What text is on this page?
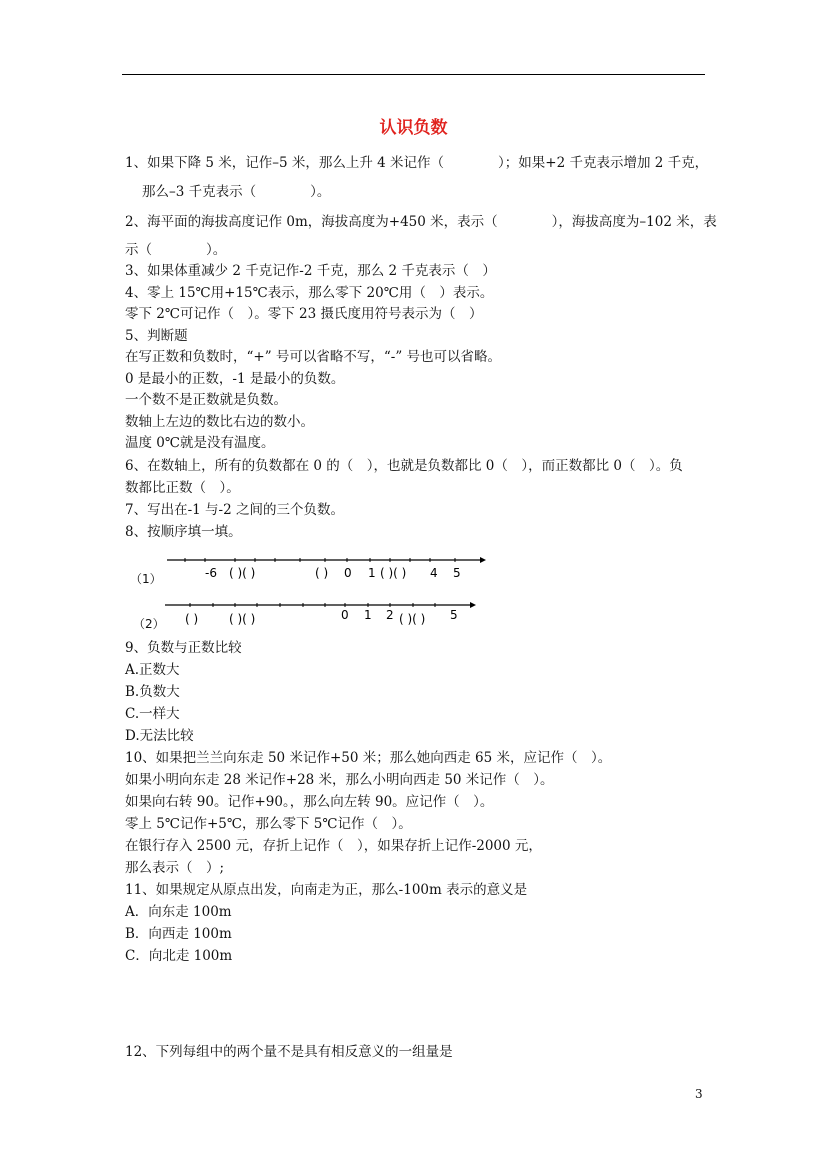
认识负数
1、如果下降 5 米，记作–5 米，那么上升 4 米记作（　　　　）；如果+2 千克表示增加 2 千克，
那么–3 千克表示（　　　　）。
2、海平面的海拔高度记作 0m，海拔高度为+450 米，表示（　　　　），海拔高度为–102 米，表
示（　　　　）。
3、如果体重减少 2 千克记作-2 千克，那么 2 千克表示（　）
4、零上 15℃用+15℃表示，那么零下 20℃用（　）表示。
零下 2℃可记作（　）。零下 23 摄氏度用符号表示为（　）
5、判断题
在写正数和负数时，“+” 号可以省略不写，“-” 号也可以省略。
0 是最小的正数，-1 是最小的负数。
一个数不是正数就是负数。
数轴上左边的数比右边的数小。
温度 0℃就是没有温度。
6、在数轴上，所有的负数都在 0 的（　），也就是负数都比 0（　），而正数都比 0（　）。负
数都比正数（　）。
7、写出在-1 与-2 之间的三个负数。
8、按顺序填一填。
（1）	-6 ( )( )	( ) 0 1 ( )( ) 4 5
（2） ( )	( )( )	0 1 2 ( )( ) 5
9、负数与正数比较
A.正数大
B.负数大
C.一样大
D.无法比较
10、如果把兰兰向东走 50 米记作+50 米；那么她向西走 65 米，应记作（　）。
如果小明向东走 28 米记作+28 米，那么小明向西走 50 米记作（　）。
如果向右转 90。记作+90。，那么向左转 90。应记作（　）。
零上 5℃记作+5℃，那么零下 5℃记作（　）。
在银行存入 2500 元，存折上记作（　），如果存折上记作-2000 元，
那么表示（　）;
11、如果规定从原点出发，向南走为正，那么-100m 表示的意义是
A．向东走 100m
B．向西走 100m
C．向北走 100m
12、下列每组中的两个量不是具有相反意义的一组量是
3
